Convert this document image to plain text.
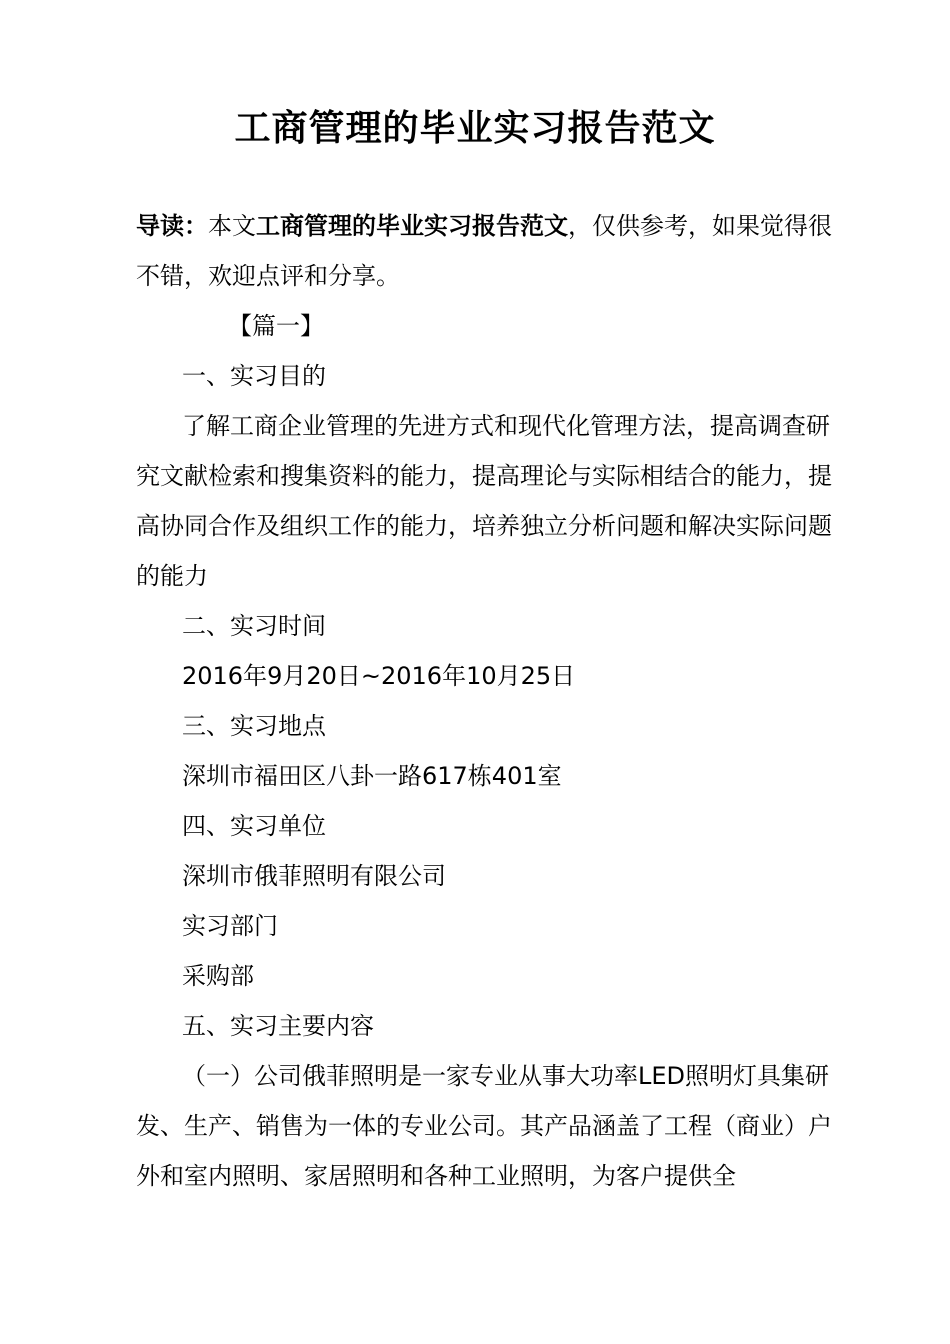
工商管理的毕业实习报告范文

导读：本文工商管理的毕业实习报告范文，仅供参考，如果觉得很不错，欢迎点评和分享。

【篇一】

一、实习目的

了解工商企业管理的先进方式和现代化管理方法，提高调查研究文献检索和搜集资料的能力，提高理论与实际相结合的能力，提高协同合作及组织工作的能力，培养独立分析问题和解决实际问题的能力

二、实习时间

2016年9月20日~2016年10月25日

三、实习地点

深圳市福田区八卦一路617栋401室

四、实习单位

深圳市俄菲照明有限公司

实习部门

采购部

五、实习主要内容

（一）公司俄菲照明是一家专业从事大功率LED照明灯具集研发、生产、销售为一体的专业公司。其产品涵盖了工程（商业）户外和室内照明、家居照明和各种工业照明，为客户提供全
